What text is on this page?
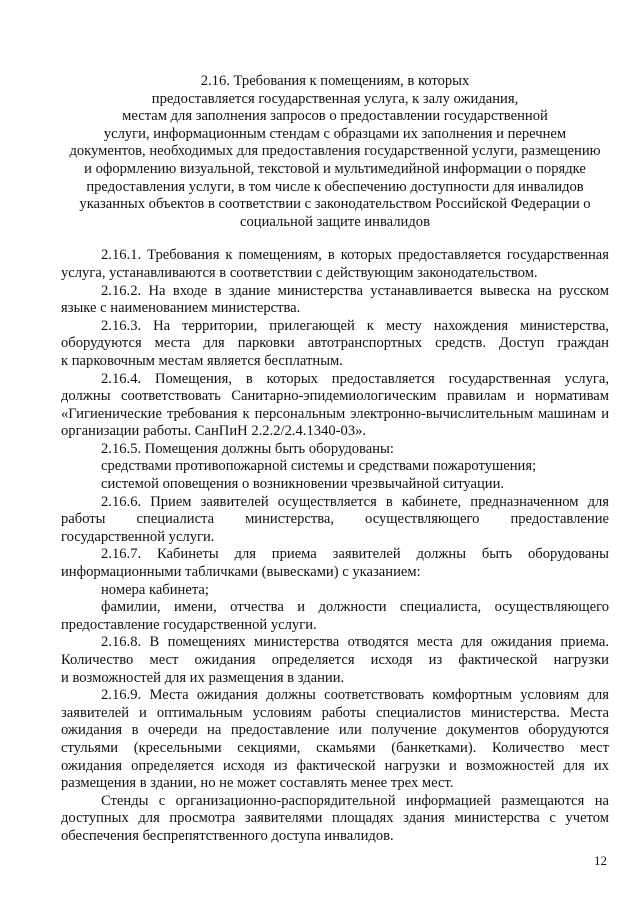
2.16. Требования к помещениям, в которых
предоставляется государственная услуга, к залу ожидания,
местам для заполнения запросов о предоставлении государственной
услуги, информационным стендам с образцами их заполнения и перечнем
документов, необходимых для предоставления государственной услуги, размещению
и оформлению визуальной, текстовой и мультимедийной информации о порядке
предоставления услуги, в том числе к обеспечению доступности для инвалидов
указанных объектов в соответствии с законодательством Российской Федерации о
социальной защите инвалидов
2.16.1. Требования к помещениям, в которых предоставляется государственная
услуга, устанавливаются в соответствии с действующим законодательством.
2.16.2. На входе в здание министерства устанавливается вывеска на русском
языке с наименованием министерства.
2.16.3. На территории, прилегающей к месту нахождения министерства,
оборудуются места для парковки автотранспортных средств. Доступ граждан
к парковочным местам является бесплатным.
2.16.4. Помещения, в которых предоставляется государственная услуга,
должны соответствовать Санитарно-эпидемиологическим правилам и нормативам
«Гигиенические требования к персональным электронно-вычислительным машинам и
организации работы. СанПиН 2.2.2/2.4.1340-03».
2.16.5. Помещения должны быть оборудованы:
средствами противопожарной системы и средствами пожаротушения;
системой оповещения о возникновении чрезвычайной ситуации.
2.16.6. Прием заявителей осуществляется в кабинете, предназначенном для
работы специалиста министерства, осуществляющего предоставление
государственной услуги.
2.16.7. Кабинеты для приема заявителей должны быть оборудованы
информационными табличками (вывесками) с указанием:
номера кабинета;
фамилии, имени, отчества и должности специалиста, осуществляющего
предоставление государственной услуги.
2.16.8. В помещениях министерства отводятся места для ожидания приема.
Количество мест ожидания определяется исходя из фактической нагрузки
и возможностей для их размещения в здании.
2.16.9. Места ожидания должны соответствовать комфортным условиям для
заявителей и оптимальным условиям работы специалистов министерства. Места
ожидания в очереди на предоставление или получение документов оборудуются
стульями (кресельными секциями, скамьями (банкетками). Количество мест
ожидания определяется исходя из фактической нагрузки и возможностей для их
размещения в здании, но не может составлять менее трех мест.
Стенды с организационно-распорядительной информацией размещаются на
доступных для просмотра заявителями площадях здания министерства с учетом
обеспечения беспрепятственного доступа инвалидов.
12
